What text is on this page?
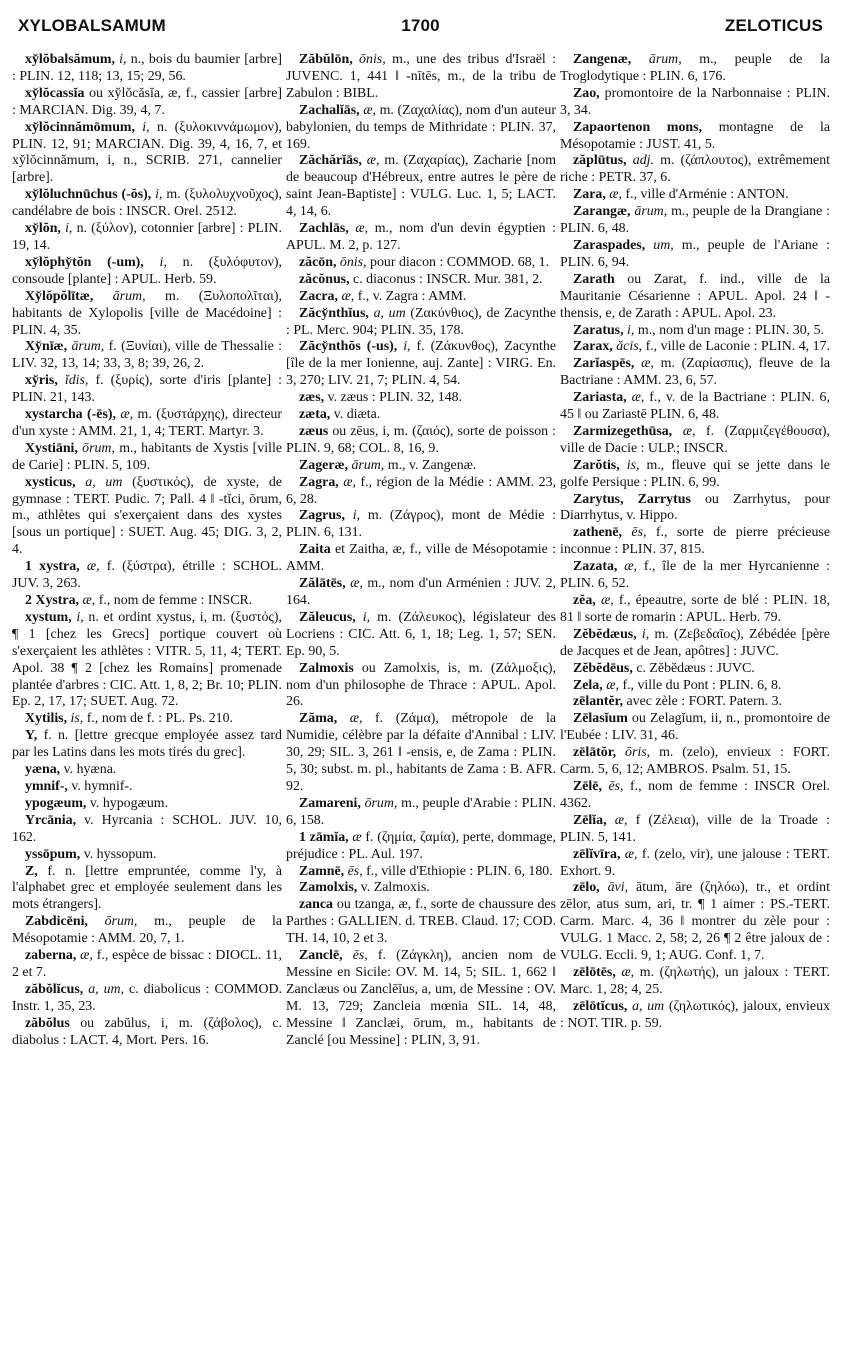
XYLOBALSAMUM	1700	ZELOTICUS

xy̆lŏbalsămum, i, n., bois du baumier [arbre] : PLIN. 12, 118; 13, 15; 29, 56.

xy̆lŏcassĭa ou xy̆lŏcăsĭa, æ, f., cassier [arbre] : MARCIAN. Dig. 39, 4, 7.

xy̆lŏcinnămōmum, i, n. (ξυλοκιννάμωμον), PLIN. 12, 91; MARCIAN. Dig. 39, 4, 16, 7, et xy̆lŏcinnămum, i, n., SCRIB. 271, cannelier [arbre].

xy̆lŏluchnūchus (-ŏs), i, m. (ξυλολυχνοῦχος), candélabre de bois : INSCR. Orel. 2512.

xy̆lŏn, i, n. (ξύλον), cotonnier [arbre] : PLIN. 19, 14.

xy̆lŏphy̆tŏn (-um), i, n. (ξυλόφυτον), consoude [plante] : APUL. Herb. 59.

Xy̆lŏpŏlītæ, ārum, m. (Ξυλοπολῖται), habitants de Xylopolis [ville de Macédoine] : PLIN. 4, 35.

Xy̆nīæ, ārum, f. (Ξυνίαι), ville de Thessalie : LIV. 32, 13, 14; 33, 3, 8; 39, 26, 2.

xy̆ris, ĭdis, f. (ξυρίς), sorte d'iris [plante] : PLIN. 21, 143.

xystarcha (-ēs), æ, m. (ξυστάρχης), directeur d'un xyste : AMM. 21, 1, 4; TERT. Martyr. 3.

Xystiāni, ōrum, m., habitants de Xystis [ville de Carie] : PLIN. 5, 109.

xysticus, a, um (ξυστικός), de xyste, de gymnase : TERT. Pudic. 7; Pall. 4 ‖ -tĭci, ōrum, m., athlètes qui s'exerçaient dans des xystes [sous un portique] : SUET. Aug. 45; DIG. 3, 2, 4.

1 xystra, æ, f. (ξύστρα), étrille : SCHOL. JUV. 3, 263.

2 Xystra, æ, f., nom de femme : INSCR.

xystum, i, n. et ordint xystus, i, m. (ξυστός), ¶ 1 [chez les Grecs] portique couvert où s'exerçaient les athlètes : VITR. 5, 11, 4; TERT. Apol. 38 ¶ 2 [chez les Romains] promenade plantée d'arbres : CIC. Att. 1, 8, 2; Br. 10; PLIN. Ep. 2, 17, 17; SUET. Aug. 72.

Xytilis, is, f., nom de f. : PL. Ps. 210.

Y, f. n. [lettre grecque employée assez tard par les Latins dans les mots tirés du grec].

yæna, v. hyæna.

ymnif-, v. hymnif-.

ypogæum, v. hypogæum.

Yrcānia, v. Hyrcania : SCHOL. JUV. 10, 162.

yssōpum, v. hyssopum.

Z, f. n. [lettre empruntée, comme l'y, à l'alphabet grec et employée seulement dans les mots étrangers].

Zabdicēni, ōrum, m., peuple de la Mésopotamie : AMM. 20, 7, 1.

zaberna, æ, f., espèce de bissac : DIOCL. 11, 2 et 7.

zăbŏlĭcus, a, um, c. diabolicus : COMMOD. Instr. 1, 35, 23.

zăbŏlus ou zabŭlus, i, m. (ζάβολος), c. diabolus : LACT. 4, Mort. Pers. 16.

Zăbŭlōn, ōnis, m., une des tribus d'Israël : JUVENC. 1, 441 ‖ -nītēs, m., de la tribu de Zabulon : BIBL.

Zachalĭās, æ, m. (Ζαχαλίας), nom d'un auteur babylonien, du temps de Mithridate : PLIN. 37, 169.

Zăchărĭās, æ, m. (Ζαχαρίας), Zacharie [nom de beaucoup d'Hébreux, entre autres le père de saint Jean-Baptiste] : VULG. Luc. 1, 5; LACT. 4, 14, 6.

Zachlās, æ, m., nom d'un devin égyptien : APUL. M. 2, p. 127.

zăcōn, ōnis, pour diacon : COMMOD. 68, 1.

zăcŏnus, c. diaconus : INSCR. Mur. 381, 2.

Zacra, æ, f., v. Zagra : AMM.

Zăcy̆nthĭus, a, um (Ζακύνθιος), de Zacynthe : PL. Merc. 904; PLIN. 35, 178.

Zăcy̆nthŏs (-us), i, f. (Ζάκυνθος), Zacynthe [île de la mer Ionienne, auj. Zante] : VIRG. En. 3, 270; LIV. 21, 7; PLIN. 4, 54.

zæs, v. zæus : PLIN. 32, 148.

zæta, v. diæta.

zæus ou zēus, i, m. (ζαιός), sorte de poisson : PLIN. 9, 68; COL. 8, 16, 9.

Zageræ, ārum, m., v. Zangenæ.

Zagra, æ, f., région de la Médie : AMM. 23, 6, 28.

Zagrus, i, m. (Ζάγρος), mont de Médie : PLIN. 6, 131.

Zaita et Zaitha, æ, f., ville de Mésopotamie : AMM.

Zălātēs, æ, m., nom d'un Arménien : JUV. 2, 164.

Zăleucus, i, m. (Ζάλευκος), législateur des Locriens : CIC. Att. 6, 1, 18; Leg. 1, 57; SEN. Ep. 90, 5.

Zalmoxis ou Zamolxis, is, m. (Ζάλμοξις), nom d'un philosophe de Thrace : APUL. Apol. 26.

Zăma, æ, f. (Ζάμα), métropole de la Numidie, célèbre par la défaite d'Annibal : LIV. 30, 29; SIL. 3, 261 ‖ -ensis, e, de Zama : PLIN. 5, 30; subst. m. pl., habitants de Zama : B. AFR. 92.

Zamareni, ōrum, m., peuple d'Arabie : PLIN. 6, 158.

1 zāmĭa, æ f. (ζημία, ζαμία), perte, dommage, préjudice : PL. Aul. 197.

Zamnē, ēs, f., ville d'Ethiopie : PLIN. 6, 180.

Zamolxis, v. Zalmoxis.

zanca ou tzanga, æ, f., sorte de chaussure des Parthes : GALLIEN. d. TREB. Claud. 17; COD. TH. 14, 10, 2 et 3.

Zanclē, ēs, f. (Ζάγκλη), ancien nom de Messine en Sicile: OV. M. 14, 5; SIL. 1, 662 ‖ Zanclæus ou Zanclēĭus, a, um, de Messine : OV. M. 13, 729; Zancleia mœnia SIL. 14, 48, Messine ‖ Zanclæi, ōrum, m., habitants de Zanclé [ou Messine] : PLIN, 3, 91.

Zangenæ, ārum, m., peuple de la Troglodytique : PLIN. 6, 176.

Zao, promontoire de la Narbonnaise : PLIN. 3, 34.

Zapaortenon mons, montagne de la Mésopotamie : JUST. 41, 5.

zăplūtus, adj. m. (ζάπλουτος), extrêmement riche : PETR. 37, 6.

Zara, æ, f., ville d'Arménie : ANTON.

Zarangæ, ārum, m., peuple de la Drangiane : PLIN. 6, 48.

Zaraspades, um, m., peuple de l'Ariane : PLIN. 6, 94.

Zarath ou Zarat, f. ind., ville de la Mauritanie Césarienne : APUL. Apol. 24 ‖ -thensis, e, de Zarath : APUL. Apol. 23.

Zaratus, i, m., nom d'un mage : PLIN. 30, 5.

Zarax, ăcis, f., ville de Laconie : PLIN. 4, 17.

Zarĭaspēs, æ, m. (Ζαρίασπις), fleuve de la Bactriane : AMM. 23, 6, 57.

Zariasta, æ, f., v. de la Bactriane : PLIN. 6, 45 ‖ ou Zariastē PLIN. 6, 48.

Zarmizegethūsa, æ, f. (Ζαρμιζεγέθουσα), ville de Dacie : ULP.; INSCR.

Zarŏtis, is, m., fleuve qui se jette dans le golfe Persique : PLIN. 6, 99.

Zarytus, Zarrytus ou Zarrhytus, pour Diarrhytus, v. Hippo.

zathenē, ēs, f., sorte de pierre précieuse inconnue : PLIN. 37, 815.

Zazata, æ, f., île de la mer Hyrcanienne : PLIN. 6, 52.

zĕa, æ, f., épeautre, sorte de blé : PLIN. 18, 81 ‖ sorte de romarin : APUL. Herb. 79.

Zĕbĕdæus, i, m. (Ζεβεδαῖος), Zébédée [père de Jacques et de Jean, apôtres] : JUVC.

Zĕbĕdēus, c. Zĕbĕdæus : JUVC.

Zela, æ, f., ville du Pont : PLIN. 6, 8.

zēlantĕr, avec zèle : FORT. Patern. 3.

Zēlasĭum ou Zelagĭum, ii, n., promontoire de l'Eubée : LIV. 31, 46.

zēlātŏr, ōris, m. (zelo), envieux : FORT. Carm. 5, 6, 12; AMBROS. Psalm. 51, 15.

Zēlē, ēs, f., nom de femme : INSCR Orel. 4362.

Zēlĭa, æ, f (Ζέλεια), ville de la Troade : PLIN. 5, 141.

zēlĭvīra, æ, f. (zelo, vir), une jalouse : TERT. Exhort. 9.

zēlo, āvi, ātum, āre (ζηλόω), tr., et ordint zēlor, atus sum, ari, tr. ¶ 1 aimer : PS.-TERT. Carm. Marc. 4, 36 ‖ montrer du zèle pour : VULG. 1 Macc. 2, 58; 2, 26 ¶ 2 être jaloux de : VULG. Eccli. 9, 1; AUG. Conf. 1, 7.

zēlōtēs, æ, m. (ζηλωτής), un jaloux : TERT. Marc. 1, 28; 4, 25.

zēlōtĭcus, a, um (ζηλωτικός), jaloux, envieux : NOT. TIR. p. 59.
